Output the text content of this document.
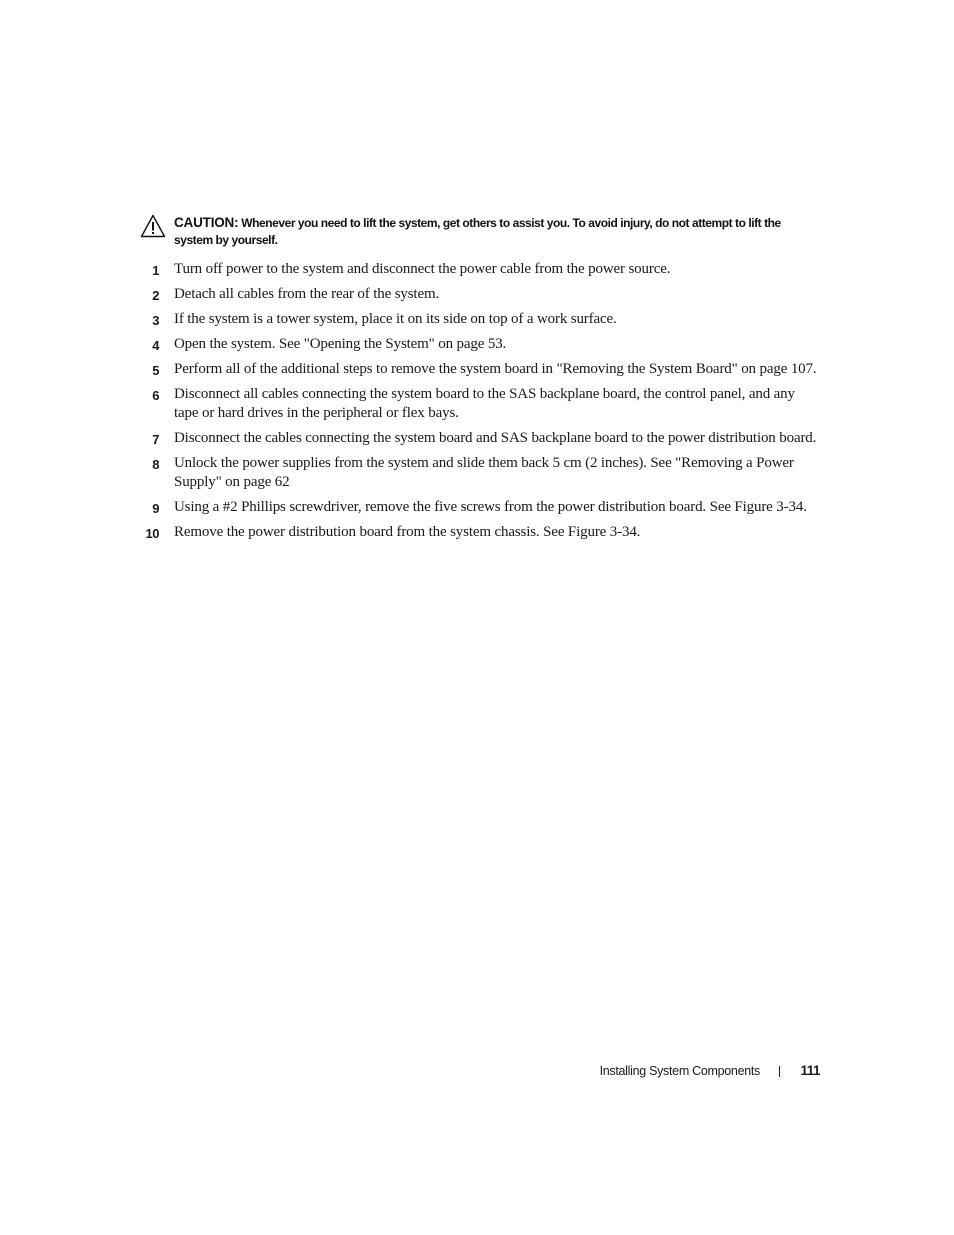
CAUTION: Whenever you need to lift the system, get others to assist you. To avoid injury, do not attempt to lift the system by yourself.
1 Turn off power to the system and disconnect the power cable from the power source.
2 Detach all cables from the rear of the system.
3 If the system is a tower system, place it on its side on top of a work surface.
4 Open the system. See "Opening the System" on page 53.
5 Perform all of the additional steps to remove the system board in "Removing the System Board" on page 107.
6 Disconnect all cables connecting the system board to the SAS backplane board, the control panel, and any tape or hard drives in the peripheral or flex bays.
7 Disconnect the cables connecting the system board and SAS backplane board to the power distribution board.
8 Unlock the power supplies from the system and slide them back 5 cm (2 inches). See "Removing a Power Supply" on page 62
9 Using a #2 Phillips screwdriver, remove the five screws from the power distribution board. See Figure 3-34.
10 Remove the power distribution board from the system chassis. See Figure 3-34.
Installing System Components	111
